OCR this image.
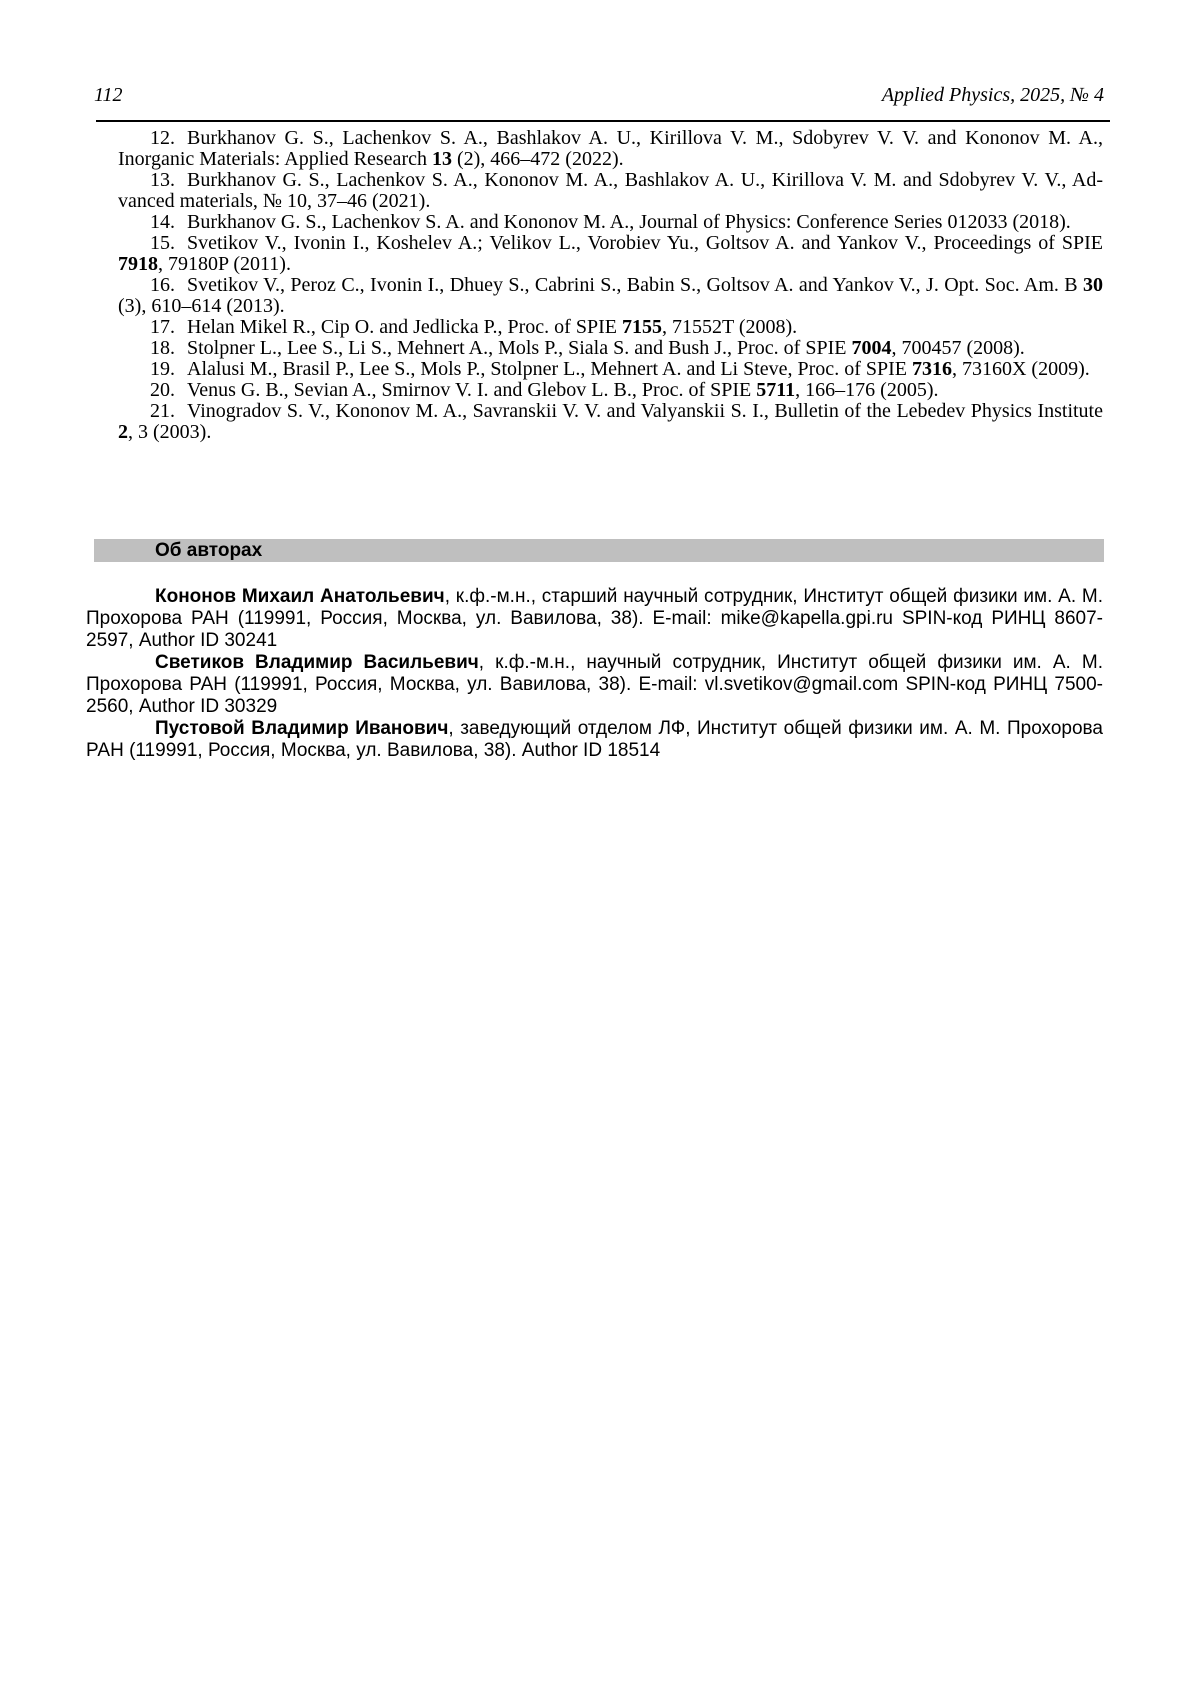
112	Applied Physics, 2025, № 4

12. Burkhanov G. S., Lachenkov S. A., Bashlakov A. U., Kirillova V. M., Sdobyrev V. V. and Kononov M. A., Inorganic Materials: Applied Research 13 (2), 466–472 (2022).

13. Burkhanov G. S., Lachenkov S. A., Kononov M. A., Bashlakov A. U., Kirillova V. M. and Sdobyrev V. V., Advanced materials, № 10, 37–46 (2021).

14. Burkhanov G. S., Lachenkov S. A. and Kononov M. A., Journal of Physics: Conference Series 012033 (2018).

15. Svetikov V., Ivonin I., Koshelev A.; Velikov L., Vorobiev Yu., Goltsov A. and Yankov V., Proceedings of SPIE 7918, 79180P (2011).

16. Svetikov V., Peroz C., Ivonin I., Dhuey S., Cabrini S., Babin S., Goltsov A. and Yankov V., J. Opt. Soc. Am. B 30 (3), 610–614 (2013).

17. Helan Mikel R., Cip O. and Jedlicka P., Proc. of SPIE 7155, 71552T (2008).

18. Stolpner L., Lee S., Li S., Mehnert A., Mols P., Siala S. and Bush J., Proc. of SPIE 7004, 700457 (2008).

19. Alalusi M., Brasil P., Lee S., Mols P., Stolpner L., Mehnert A. and Li Steve, Proc. of SPIE 7316, 73160X (2009).

20. Venus G. B., Sevian A., Smirnov V. I. and Glebov L. B., Proc. of SPIE 5711, 166–176 (2005).

21. Vinogradov S. V., Kononov M. A., Savranskii V. V. and Valyanskii S. I., Bulletin of the Lebedev Physics Institute 2, 3 (2003).

Об авторах

Кононов Михаил Анатольевич, к.ф.-м.н., старший научный сотрудник, Институт общей физики им. А. М. Прохорова РАН (119991, Россия, Москва, ул. Вавилова, 38). E-mail: mike@kapella.gpi.ru SPIN-код РИНЦ 8607-2597, Author ID 30241

Светиков Владимир Васильевич, к.ф.-м.н., научный сотрудник, Институт общей физики им. А. М. Прохорова РАН (119991, Россия, Москва, ул. Вавилова, 38). E-mail: vl.svetikov@gmail.com SPIN-код РИНЦ 7500-2560, Author ID 30329

Пустовой Владимир Иванович, заведующий отделом ЛФ, Институт общей физики им. А. М. Прохорова РАН (119991, Россия, Москва, ул. Вавилова, 38). Author ID 18514
